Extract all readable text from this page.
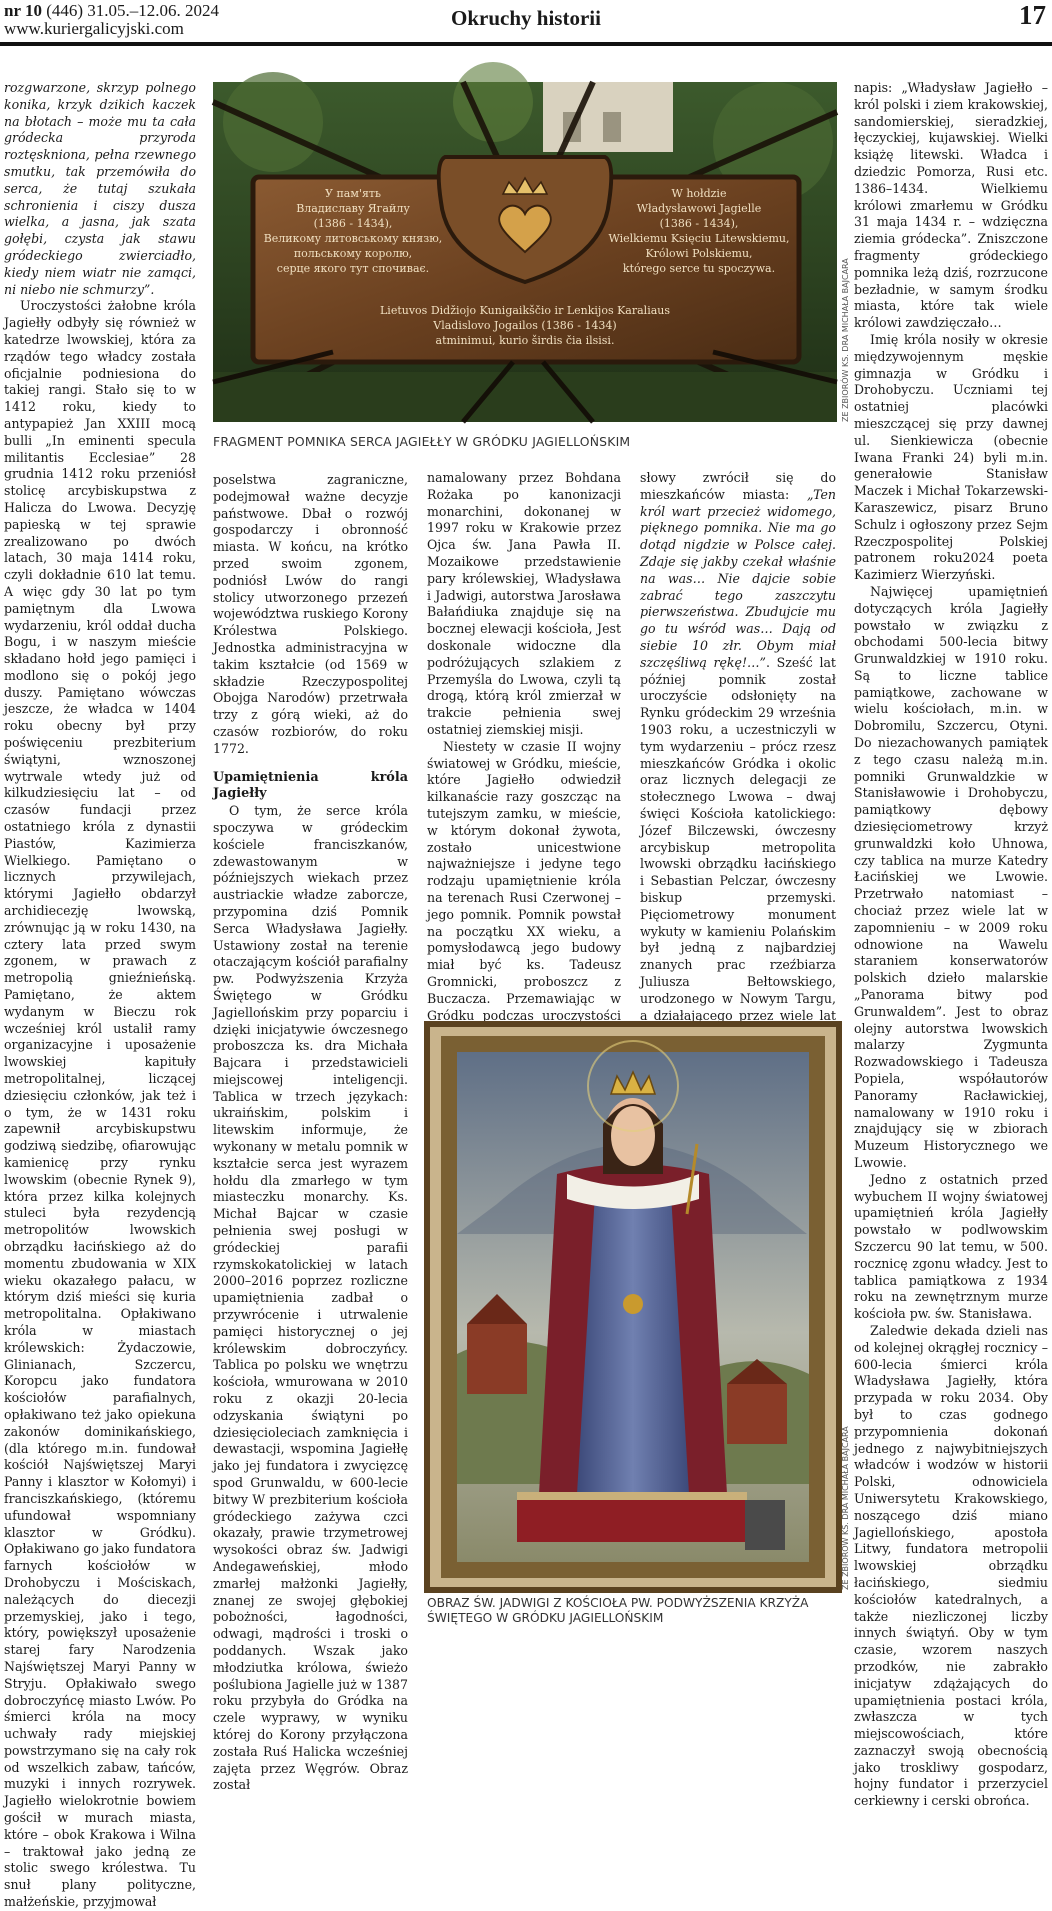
nr 10 (446) 31.05.–12.06. 2024
www.kuriergalicyjski.com	Okruchy historii	17

rozgwarzone, skrzyp polnego konika, krzyk dzikich kaczek na błotach – może mu ta cała gródecka przyroda roztęskniona, pełna rzewnego smutku, tak przemówiła do serca, że tutaj szukała schronienia i ciszy dusza wielka, a jasna, jak szata gołębi, czysta jak stawu gródeckiego zwierciadło, kiedy niem wiatr nie zamąci, ni niebo nie schmurzy”.

Uroczystości żałobne króla Jagiełły odbyły się również w katedrze lwowskiej, która za rządów tego władcy została oficjalnie podniesiona do takiej rangi. Stało się to w 1412 roku, kiedy to antypapież Jan XXIII mocą bulli „In eminenti specula militantis Ecclesiae” 28 grudnia 1412 roku przeniósł stolicę arcybiskupstwa z Halicza do Lwowa. Decyzję papieską w tej sprawie zrealizowano po dwóch latach, 30 maja 1414 roku, czyli dokładnie 610 lat temu. A więc gdy 30 lat po tym pamiętnym dla Lwowa wydarzeniu, król oddał ducha Bogu, i w naszym mieście składano hołd jego pamięci i modlono się o pokój jego duszy. Pamiętano wówczas jeszcze, że władca w 1404 roku obecny był przy poświęceniu prezbiterium świątyni, wznoszonej wytrwale wtedy już od kilkudziesięciu lat – od czasów fundacji przez ostatniego króla z dynastii Piastów, Kazimierza Wielkiego. Pamiętano o licznych przywilejach, którymi Jagiełło obdarzył archidiecezję lwowską, zrównując ją w roku 1430, na cztery lata przed swym zgonem, w prawach z metropolią gnieźnieńską. Pamiętano, że aktem wydanym w Bieczu rok wcześniej król ustalił ramy organizacyjne i uposażenie lwowskiej kapituły metropolitalnej, liczącej dziesięciu członków, jak też i o tym, że w 1431 roku zapewnił arcybiskupstwu godziwą siedzibę, ofiarowując kamienicę przy rynku lwowskim (obecnie Rynek 9), która przez kilka kolejnych stuleci była rezydencją metropolitów lwowskich obrządku łacińskiego aż do momentu zbudowania w XIX wieku okazałego pałacu, w którym dziś mieści się kuria metropolitalna. Opłakiwano króla w miastach królewskich: Żydaczowie, Glinianach, Szczercu, Koropcu jako fundatora kościołów parafialnych, opłakiwano też jako opiekuna zakonów dominikańskiego, (dla którego m.in. fundował kościół Najświętszej Maryi Panny i klasztor w Kołomyi) i franciszkańskiego, (któremu ufundował wspomniany klasztor w Gródku). Opłakiwano go jako fundatora farnych kościołów w Drohobyczu i Mościskach, należących do diecezji przemyskiej, jako i tego, który, powiększył uposażenie starej fary Narodzenia Najświętszej Maryi Panny w Stryju. Opłakiwało swego dobroczyńcę miasto Lwów. Po śmierci króla na mocy uchwały rady miejskiej powstrzymano się na cały rok od wszelkich zabaw, tańców, muzyki i innych rozrywek. Jagiełło wielokrotnie bowiem gościł w murach miasta, które – obok Krakowa i Wilna – traktował jako jedną ze stolic swego królestwa. Tu snuł plany polityczne, małżeńskie, przyjmował

У пам'ять
Владиславу Ягайлу
(1386 - 1434),
Великому литовському князю,
польському королю,
серце якого тут спочиває.
W hołdzie
Władysławowi Jagielle
(1386 - 1434),
Wielkiemu Księciu Litewskiemu,
Królowi Polskiemu,
którego serce tu spoczywa.
Lietuvos Didžiojo Kunigaikščio ir Lenkijos Karaliaus
Vladislovo Jogailos (1386 - 1434)
atminimui, kurio širdis čia ilsisi.
FRAGMENT POMNIKA SERCA JAGIEŁŁY W GRÓDKU JAGIELLOŃSKIM
ZE ZBIORÓW KS. DRA MICHAŁA BAJCARA

poselstwa zagraniczne, podejmował ważne decyzje państwowe. Dbał o rozwój gospodarczy i obronność miasta. W końcu, na krótko przed swoim zgonem, podniósł Lwów do rangi stolicy utworzonego przezeń województwa ruskiego Korony Królestwa Polskiego. Jednostka administracyjna w takim kształcie (od 1569 w składzie Rzeczypospolitej Obojga Narodów) przetrwała trzy z górą wieki, aż do czasów rozbiorów, do roku 1772.

Upamiętnienia króla Jagiełły

O tym, że serce króla spoczywa w gródeckim kościele franciszkanów, zdewastowanym w późniejszych wiekach przez austriackie władze zaborcze, przypomina dziś Pomnik Serca Władysława Jagiełły. Ustawiony został na terenie otaczającym kościół parafialny pw. Podwyższenia Krzyża Świętego w Gródku Jagiellońskim przy poparciu i dzięki inicjatywie ówczesnego proboszcza ks. dra Michała Bajcara i przedstawicieli miejscowej inteligencji. Tablica w trzech językach: ukraińskim, polskim i litewskim informuje, że wykonany w metalu pomnik w kształcie serca jest wyrazem hołdu dla zmarłego w tym miasteczku monarchy. Ks. Michał Bajcar w czasie pełnienia swej posługi w gródeckiej parafii rzymskokatolickiej w latach 2000–2016 poprzez rozliczne upamiętnienia zadbał o przywrócenie i utrwalenie pamięci historycznej o jej królewskim dobroczyńcy. Tablica po polsku we wnętrzu kościoła, wmurowana w 2010 roku z okazji 20-lecia odzyskania świątyni po dziesięcioleciach zamknięcia i dewastacji, wspomina Jagiełłę jako jej fundatora i zwycięzcę spod Grunwaldu, w 600-lecie bitwy W prezbiterium kościoła gródeckiego zażywa czci okazały, prawie trzymetrowej wysokości obraz św. Jadwigi Andegaweńskiej, młodo zmarłej małżonki Jagiełły, znanej ze swojej głębokiej pobożności, łagodności, odwagi, mądrości i troski o poddanych. Wszak jako młodziutka królowa, świeżo poślubiona Jagielle już w 1387 roku przybyła do Gródka na czele wyprawy, w wyniku której do Korony przyłączona została Ruś Halicka wcześniej zajęta przez Węgrów. Obraz został

namalowany przez Bohdana Rożaka po kanonizacji monarchini, dokonanej w 1997 roku w Krakowie przez Ojca św. Jana Pawła II. Mozaikowe przedstawienie pary królewskiej, Władysława i Jadwigi, autorstwa Jarosława Bałańdiuka znajduje się na bocznej elewacji kościoła, Jest doskonale widoczne dla podróżujących szlakiem z Przemyśla do Lwowa, czyli tą drogą, którą król zmierzał w trakcie pełnienia swej ostatniej ziemskiej misji.

Niestety w czasie II wojny światowej w Gródku, mieście, które Jagiełło odwiedził kilkanaście razy goszcząc na tutejszym zamku, w mieście, w którym dokonał żywota, zostało unicestwione najważniejsze i jedyne tego rodzaju upamiętnienie króla na terenach Rusi Czerwonej – jego pomnik. Pomnik powstał na początku XX wieku, a pomysłodawcą jego budowy miał być ks. Tadeusz Gromnicki, proboszcz z Buczacza. Przemawiając w Gródku podczas uroczystości

słowy zwrócił się do mieszkańców miasta: „Ten król wart przecież widomego, pięknego pomnika. Nie ma go dotąd nigdzie w Polsce całej. Zdaje się jakby czekał właśnie na was… Nie dajcie sobie zabrać tego zaszczytu pierwszeństwa. Zbudujcie mu go tu wśród was… Dają od siebie 10 złr. Obym miał szczęśliwą rękę!…”. Sześć lat później pomnik został uroczyście odsłonięty na Rynku gródeckim 29 września 1903 roku, a uczestniczyli w tym wydarzeniu – prócz rzesz mieszkańców Gródka i okolic oraz licznych delegacji ze stołecznego Lwowa – dwaj święci Kościoła katolickiego: Józef Bilczewski, ówczesny arcybiskup metropolita lwowski obrządku łacińskiego i Sebastian Pelczar, ówczesny biskup przemyski. Pięciometrowy monument wykuty w kamieniu Polańskim był jedną z najbardziej znanych prac rzeźbiarza Juliusza Bełtowskiego, urodzonego w Nowym Targu, a działającego przez wiele lat

OBRAZ ŚW. JADWIGI Z KOŚCIOŁA PW. PODWYŻSZENIA KRZYŻA ŚWIĘTEGO W GRÓDKU JAGIELLOŃSKIM
ZE ZBIORÓW KS. DRA MICHAŁA BAJCARA

napis: „Władysław Jagiełło – król polski i ziem krakowskiej, sandomierskiej, sieradzkiej, łęczyckiej, kujawskiej. Wielki książę litewski. Władca i dziedzic Pomorza, Rusi etc. 1386–1434. Wielkiemu królowi zmarłemu w Gródku 31 maja 1434 r. – wdzięczna ziemia gródecka”. Zniszczone fragmenty gródeckiego pomnika leżą dziś, rozrzucone bezładnie, w samym środku miasta, które tak wiele królowi zawdzięczało…

Imię króla nosiły w okresie międzywojennym męskie gimnazja w Gródku i Drohobyczu. Uczniami tej ostatniej placówki mieszczącej się przy dawnej ul. Sienkiewicza (obecnie Iwana Franki 24) byli m.in. generałowie Stanisław Maczek i Michał Tokarzewski-Karaszewicz, pisarz Bruno Schulz i ogłoszony przez Sejm Rzeczpospolitej Polskiej patronem roku2024 poeta Kazimierz Wierzyński.

Najwięcej upamiętnień dotyczących króla Jagiełły powstało w związku z obchodami 500-lecia bitwy Grunwaldzkiej w 1910 roku. Są to liczne tablice pamiątkowe, zachowane w wielu kościołach, m.in. w Dobromilu, Szczercu, Otyni. Do niezachowanych pamiątek z tego czasu należą m.in. pomniki Grunwaldzkie w Stanisławowie i Drohobyczu, pamiątkowy dębowy dziesięciometrowy krzyż grunwaldzki koło Uhnowa, czy tablica na murze Katedry Łacińskiej we Lwowie. Przetrwało natomiast – chociaż przez wiele lat w zapomnieniu – w 2009 roku odnowione na Wawelu staraniem konserwatorów polskich dzieło malarskie „Panorama bitwy pod Grunwaldem”. Jest to obraz olejny autorstwa lwowskich malarzy Zygmunta Rozwadowskiego i Tadeusza Popiela, współautorów Panoramy Racławickiej, namalowany w 1910 roku i znajdujący się w zbiorach Muzeum Historycznego we Lwowie.

Jedno z ostatnich przed wybuchem II wojny światowej upamiętnień króla Jagiełły powstało w podlwowskim Szczercu 90 lat temu, w 500. rocznicę zgonu władcy. Jest to tablica pamiątkowa z 1934 roku na zewnętrznym murze kościoła pw. św. Stanisława.

Zaledwie dekada dzieli nas od kolejnej okrągłej rocznicy – 600-lecia śmierci króla Władysława Jagiełły, która przypada w roku 2034. Oby był to czas godnego przypomnienia dokonań jednego z najwybitniejszych władców i wodzów w historii Polski, odnowiciela Uniwersytetu Krakowskiego, noszącego dziś miano Jagiellońskiego, apostoła Litwy, fundatora metropolii lwowskiej obrządku łacińskiego, siedmiu kościołów katedralnych, a także niezliczonej liczby innych świątyń. Oby w tym czasie, wzorem naszych przodków, nie zabrakło inicjatyw zdążających do upamiętnienia postaci króla, zwłaszcza w tych miejscowościach, które zaznaczył swoją obecnością jako troskliwy gospodarz, hojny fundator i przerzyciel cerkiewny i cerski obrońca.
